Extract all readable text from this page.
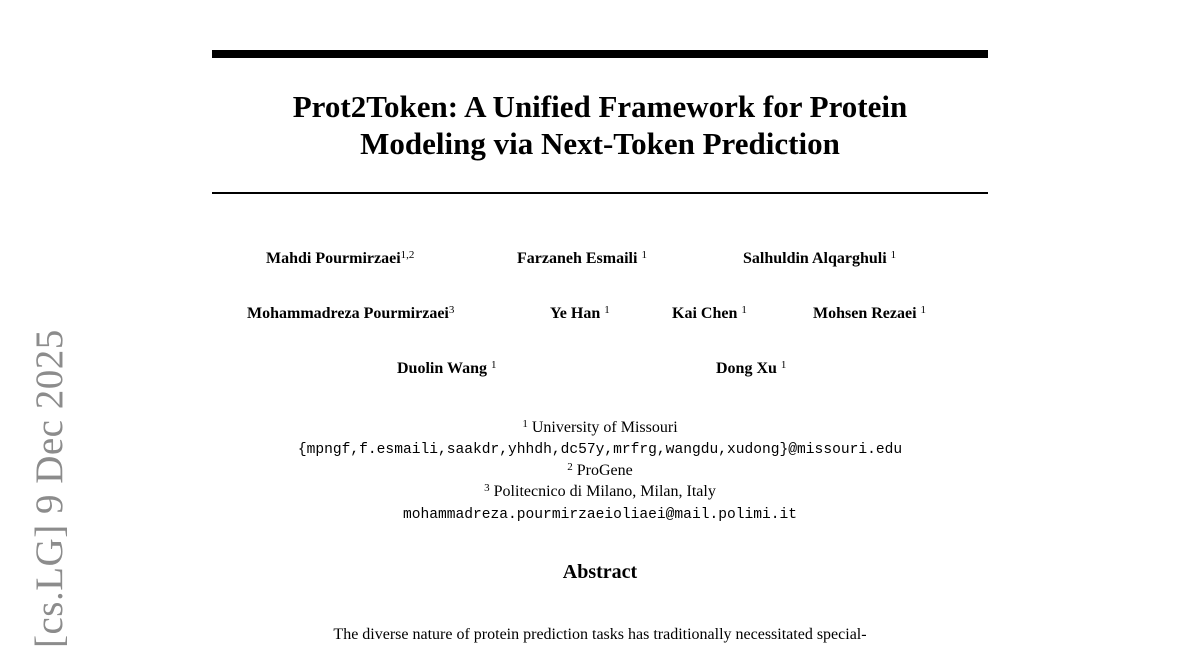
Prot2Token: A Unified Framework for Protein
Modeling via Next-Token Prediction
Mahdi Pourmirzaei$^{1,2}$	Farzaneh Esmaili $^1$	Salhuldin Alqarghuli $^1$
Mohammadreza Pourmirzaei$^3$	Ye Han $^1$	Kai Chen $^1$	Mohsen Rezaei $^1$
Duolin Wang $^1$	Dong Xu $^1$
$^1$ University of Missouri
{mpngf,f.esmaili,saakdr,yhhdh,dc57y,mrfrg,wangdu,xudong}@missouri.edu
$^2$ ProGene
$^3$ Politecnico di Milano, Milan, Italy
mohammadreza.pourmirzaeioliaei@mail.polimi.it
Abstract
The diverse nature of protein prediction tasks has traditionally necessitated special-
[cs.LG] 9 Dec 2025
